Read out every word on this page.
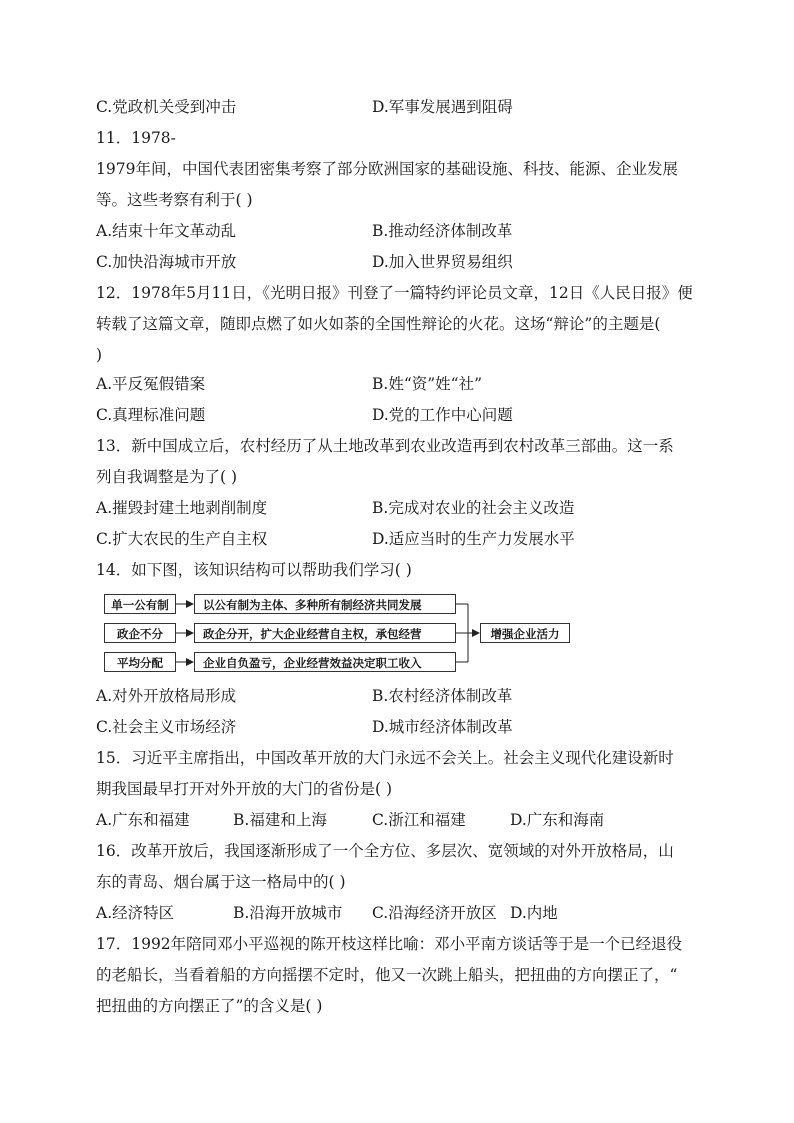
C.党政机关受到冲击	D.军事发展遇到阻碍
11．1978-
1979年间，中国代表团密集考察了部分欧洲国家的基础设施、科技、能源、企业发展
等。这些考察有利于( )
A.结束十年文革动乱	B.推动经济体制改革
C.加快沿海城市开放	D.加入世界贸易组织
12．1978年5月11日，《光明日报》刊登了一篇特约评论员文章，12日《人民日报》便
转载了这篇文章，随即点燃了如火如荼的全国性辩论的火花。这场“辩论”的主题是(
)
A.平反冤假错案	B.姓“资”姓“社”
C.真理标准问题	D.党的工作中心问题
13．新中国成立后，农村经历了从土地改革到农业改造再到农村改革三部曲。这一系
列自我调整是为了( )
A.摧毁封建土地剥削制度	B.完成对农业的社会主义改造
C.扩大农民的生产自主权	D.适应当时的生产力发展水平
14．如下图，该知识结构可以帮助我们学习( )
单一公有制
政企不分
平均分配
以公有制为主体、多种所有制经济共同发展
政企分开，扩大企业经营自主权，承包经营
企业自负盈亏，企业经营效益决定职工收入
增强企业活力
A.对外开放格局形成	B.农村经济体制改革
C.社会主义市场经济	D.城市经济体制改革
15．习近平主席指出，中国改革开放的大门永远不会关上。社会主义现代化建设新时
期我国最早打开对外开放的大门的省份是( )
A.广东和福建	B.福建和上海	C.浙江和福建	D.广东和海南
16．改革开放后，我国逐渐形成了一个全方位、多层次、宽领域的对外开放格局，山
东的青岛、烟台属于这一格局中的( )
A.经济特区	B.沿海开放城市 C.沿海经济开放区 D.内地
17．1992年陪同邓小平巡视的陈开枝这样比喻：邓小平南方谈话等于是一个已经退役
的老船长，当看着船的方向摇摆不定时，他又一次跳上船头，把扭曲的方向摆正了，“
把扭曲的方向摆正了”的含义是( )
